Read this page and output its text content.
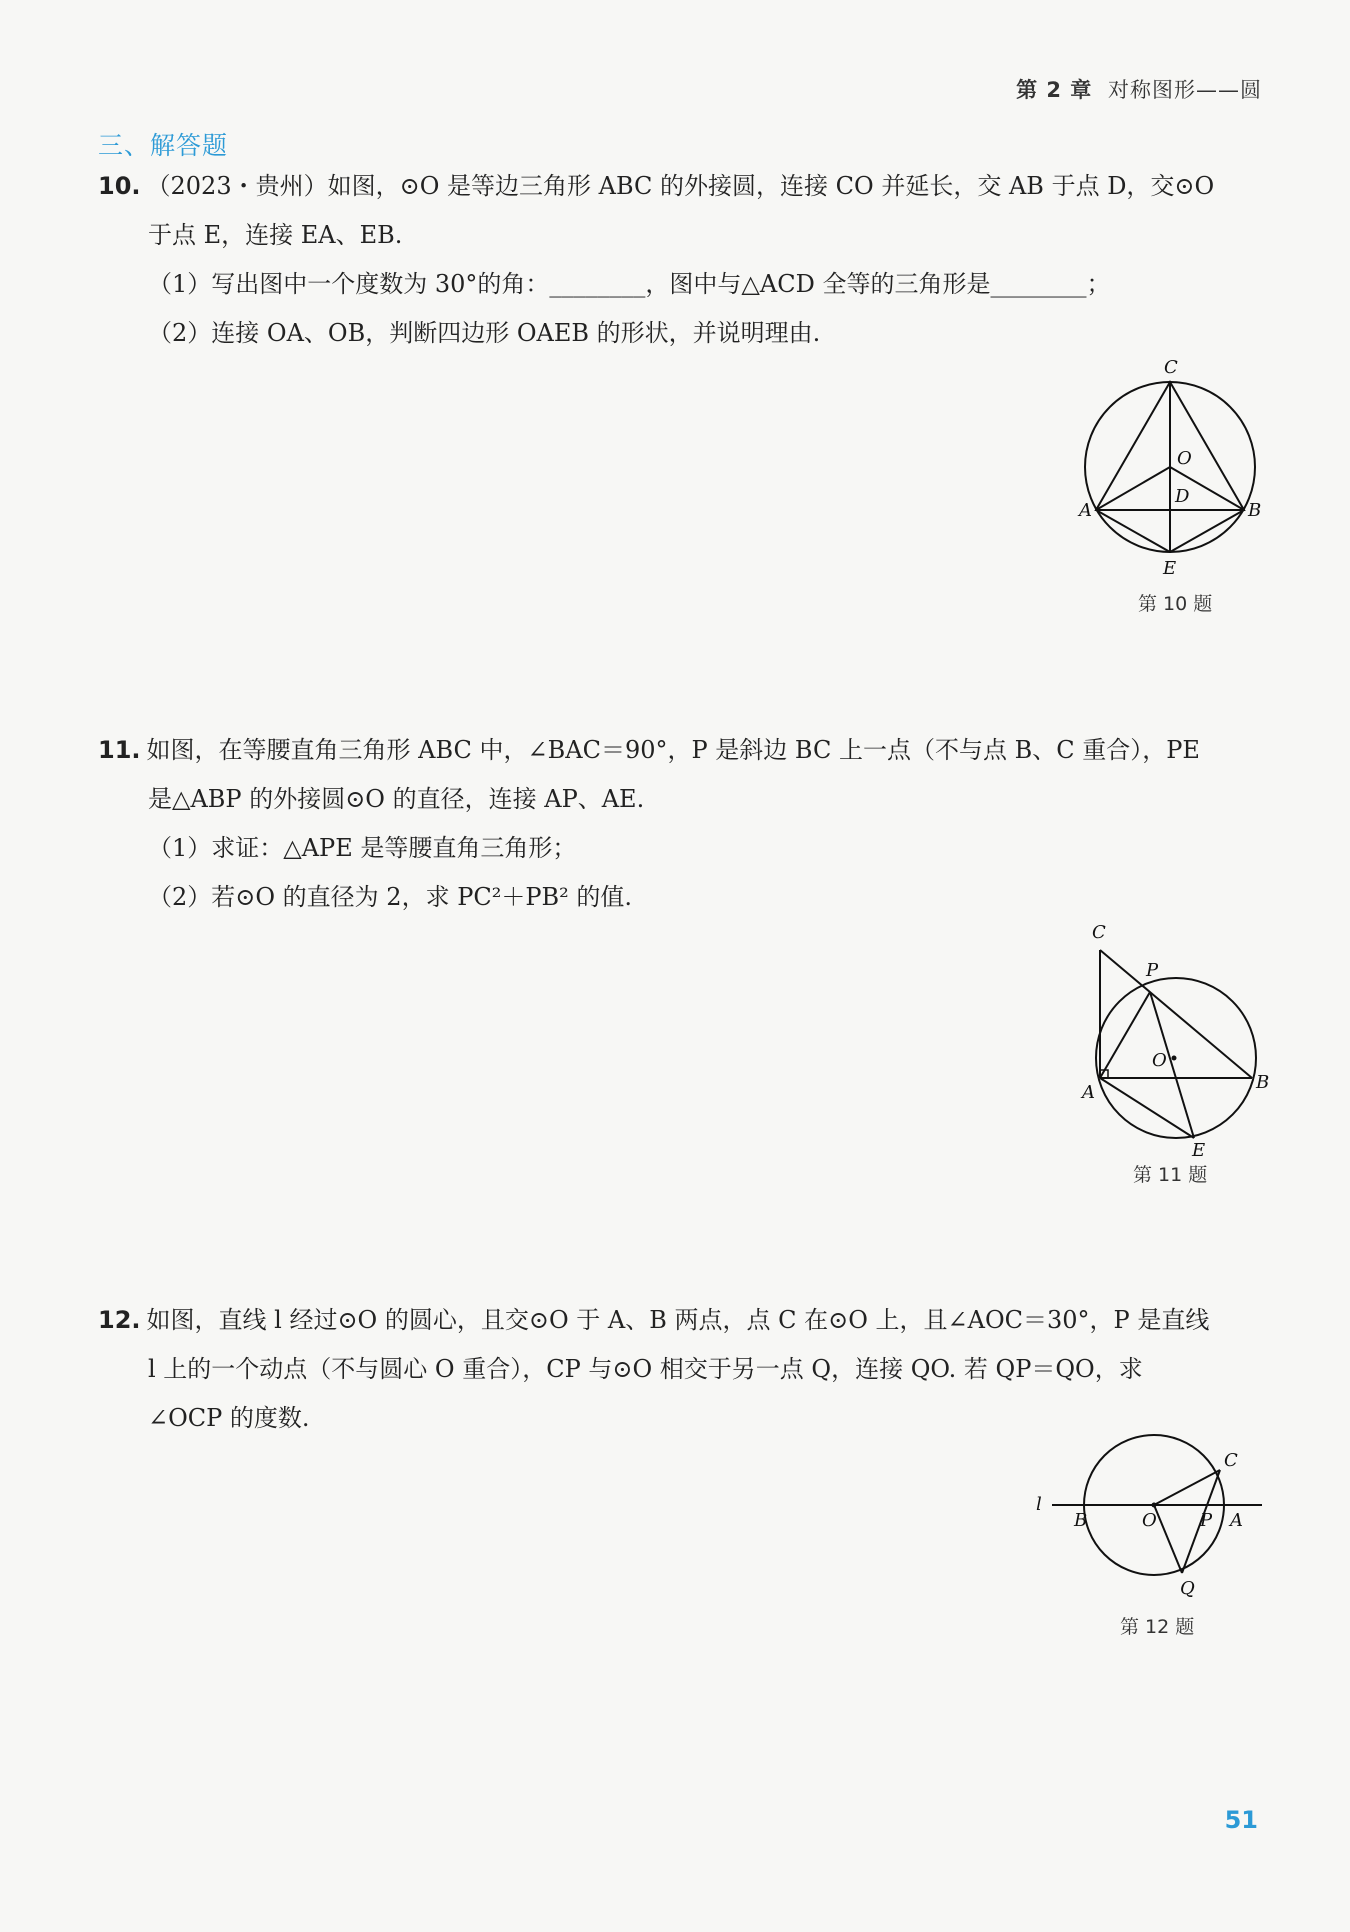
第 2 章 对称图形——圆
三、解答题
10. （2023・贵州）如图，⊙O 是等边三角形 ABC 的外接圆，连接 CO 并延长，交 AB 于点 D，交⊙O
于点 E，连接 EA、EB.
（1）写出图中一个度数为 30°的角：________，图中与△ACD 全等的三角形是________；
（2）连接 OA、OB，判断四边形 OAEB 的形状，并说明理由.
C
O
D
A	B
E
第 10 题
11. 如图，在等腰直角三角形 ABC 中，∠BAC＝90°，P 是斜边 BC 上一点（不与点 B、C 重合），PE
是△ABP 的外接圆⊙O 的直径，连接 AP、AE.
（1）求证：△APE 是等腰直角三角形；
（2）若⊙O 的直径为 2，求 PC²＋PB² 的值.
C
P
O
A	B
E
第 11 题
12. 如图，直线 l 经过⊙O 的圆心，且交⊙O 于 A、B 两点，点 C 在⊙O 上，且∠AOC＝30°，P 是直线
l 上的一个动点（不与圆心 O 重合），CP 与⊙O 相交于另一点 Q，连接 QO. 若 QP＝QO，求
∠OCP 的度数.
l
B	O P A
C
Q
第 12 题
51
